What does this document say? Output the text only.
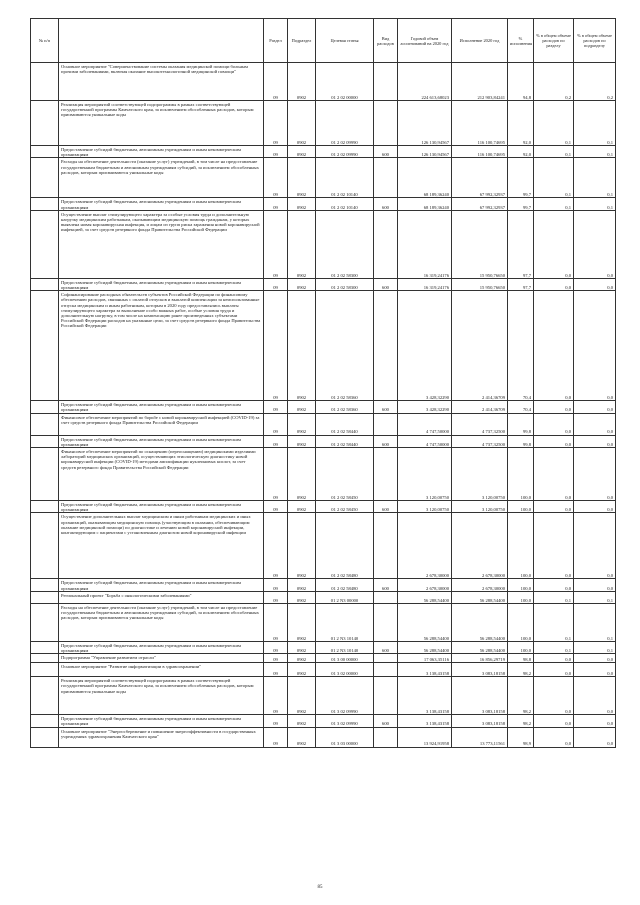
№ п/п		Раздел	Подраздел	Целевая статья	Вид расходов	Годовой объем ассигнований на 2020 год	Исполнение 2020 год	% исполнения	% в общем объеме расходов по разделу	% в общем объеме расходов по подразделу
	Основное мероприятие "Совершенствование системы оказания медицинской помощи больным прочими заболеваниями, включая оказание высокотехнологичной медицинской помощи"	09	0902	01 2 02 00000		224 613,68023	212 903,84241	94,8	0,2	0,2
	Реализация мероприятий соответствующей подпрограммы в рамках соответствующей государственной программы Камчатского края, за исключением обособленных расходов, которым присваиваются уникальные коды	09	0902	01 2 02 09990		126 130,94567	116 100,74695	92,0	0,1	0,1
	Предоставление субсидий бюджетным, автономным учреждениям и иным некоммерческим организациям	09	0902	01 2 02 09990	600	126 130,94567	116 100,74695	92,0	0,1	0,1
	Расходы на обеспечение деятельности (оказание услуг) учреждений, в том числе на предоставление государственным бюджетным и автономным учреждениям субсидий, за исключением обособленных расходов, которым присваиваются уникальные коды	09	0902	01 2 02 10140		68 189,36240	67 992,32937	99,7	0,1	0,1
	Предоставление субсидий бюджетным, автономным учреждениям и иным некоммерческим организациям	09	0902	01 2 02 10140	600	68 189,36240	67 992,32937	99,7	0,1	0,1
	Осуществление выплат стимулирующего характера за особые условия труда и дополнительную нагрузку медицинским работникам, оказывающим медицинскую помощь гражданам, у которых выявлена новая коронавирусная инфекция, и лицам из групп риска заражения новой коронавирусной инфекцией, за счет средств резервного фонда Правительства Российской Федерации	09	0902	01 2 02 58300		16 319,24176	15 950,76650	97,7	0,0	0,0
	Предоставление субсидий бюджетным, автономным учреждениям и иным некоммерческим организациям	09	0902	01 2 02 58300	600	16 319,24176	15 950,76650	97,7	0,0	0,0
	Софинансирование расходных обязательств субъектов Российской Федерации по финансовому обеспечению расходов, связанных с оплатой отпусков и выплатой компенсации за неиспользованные отпуска медицинским и иным работникам, которым в 2020 году предоставлялись выплаты стимулирующего характера за выполнение особо важных работ, особые условия труда и дополнительную нагрузку, в том числе на компенсацию ранее произведенных субъектами Российской Федерации расходов на указанные цели, за счет средств резервного фонда Правительства Российской Федерации	09	0902	01 2 02 58360		3 428,32290	2 414,36709	70,4	0,0	0,0
	Предоставление субсидий бюджетным, автономным учреждениям и иным некоммерческим организациям	09	0902	01 2 02 58360	600	3 428,32290	2 414,36709	70,4	0,0	0,0
	Финансовое обеспечение мероприятий по борьбе с новой коронавирусной инфекцией (COVID-19) за счет средств резервного фонда Правительства Российской Федерации	09	0902	01 2 02 58440		4 747,50000	4 737,32500	99,8	0,0	0,0
	Предоставление субсидий бюджетным, автономным учреждениям и иным некоммерческим организациям	09	0902	01 2 02 58440	600	4 747,50000	4 737,32500	99,8	0,0	0,0
	Финансовое обеспечение мероприятий по оснащению (переоснащению) медицинскими изделиями лабораторий медицинских организаций, осуществляющих этиологическую диагностику новой коронавирусной инфекции (COVID-19) методами амплификации нуклеиновых кислот, за счет средств резервного фонда Правительства Российской Федерации	09	0902	01 2 02 58450		3 120,00750	3 120,00750	100,0	0,0	0,0
	Предоставление субсидий бюджетным, автономным учреждениям и иным некоммерческим организациям	09	0902	01 2 02 58450	600	3 120,00750	3 120,00750	100,0	0,0	0,0
	Осуществление дополнительных выплат медицинским и иным работникам медицинских и иных организаций, оказывающим медицинскую помощь (участвующим в оказании, обеспечивающим оказание медицинской помощи) по диагностике и лечению новой коронавирусной инфекции, контактирующим с пациентами с установленным диагнозом новой коронавирусной инфекции	09	0902	01 2 02 58480		2 678,30000	2 678,30000	100,0	0,0	0,0
	Предоставление субсидий бюджетным, автономным учреждениям и иным некоммерческим организациям	09	0902	01 2 02 58480	600	2 678,30000	2 678,30000	100,0	0,0	0,0
	Региональный проект "Борьба с онкологическими заболеваниями"	09	0902	01 2 N3 00000		56 288,54400	56 288,54400	100,0	0,1	0,1
	Расходы на обеспечение деятельности (оказание услуг) учреждений, в том числе на предоставление государственным бюджетным и автономным учреждениям субсидий, за исключением обособленных расходов, которым присваиваются уникальные коды	09	0902	01 2 N3 10140		56 288,54400	56 288,54400	100,0	0,1	0,1
	Предоставление субсидий бюджетным, автономным учреждениям и иным некоммерческим организациям	09	0902	01 2 N3 10140	600	56 288,54400	56 288,54400	100,0	0,1	0,1
	Подпрограмма "Управление развитием отрасли"	09	0902	01 3 00 00000		17 063,35116	16 856,29719	98,8	0,0	0,0
	Основное мероприятие "Развитие информатизации в здравоохранении"	09	0902	01 3 02 00000		3 138,43158	3 083,18158	98,2	0,0	0,0
	Реализация мероприятий соответствующей подпрограммы в рамках соответствующей государственной программы Камчатского края, за исключением обособленных расходов, которым присваиваются уникальные коды	09	0902	01 3 02 09990		3 138,43158	3 083,18158	98,2	0,0	0,0
	Предоставление субсидий бюджетным, автономным учреждениям и иным некоммерческим организациям	09	0902	01 3 02 09990	600	3 138,43158	3 083,18158	98,2	0,0	0,0
	Основное мероприятие "Энергосбережение и повышение энергоэффективности в государственных учреждениях здравоохранения Камчатского края"	09	0902	01 3 03 00000		13 924,91958	13 773,11561	98,9	0,0	0,0
85
